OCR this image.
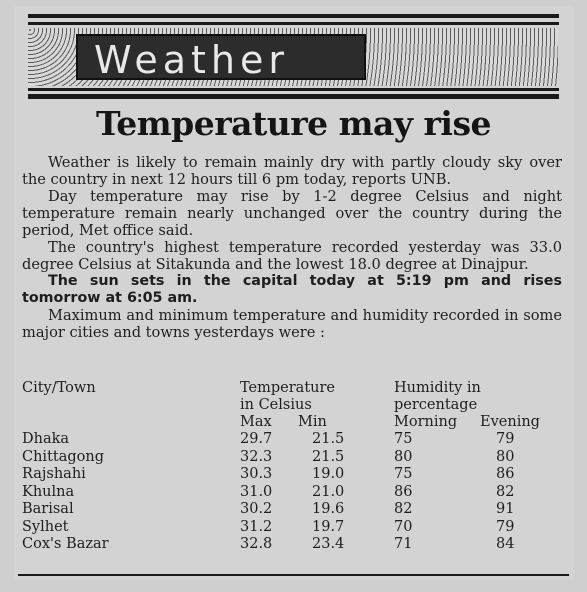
Weather
Temperature may rise

Weather is likely to remain mainly dry with partly cloudy sky over the country in next 12 hours till 6 pm today, reports UNB.

Day temperature may rise by 1-2 degree Celsius and night temperature remain nearly unchanged over the country during the period, Met office said.

The country's highest temperature recorded yesterday was 33.0 degree Celsius at Sitakunda and the lowest 18.0 degree at Dinajpur.

The sun sets in the capital today at 5:19 pm and rises tomorrow at 6:05 am.

Maximum and minimum temperature and humidity recorded in some major cities and towns yesterdays were :

City/Town	Temperature		Humidity in	
	in Celsius		percentage	
	Max	Min	Morning	Evening
Dhaka	29.7	21.5	75	79
Chittagong	32.3	21.5	80	80
Rajshahi	30.3	19.0	75	86
Khulna	31.0	21.0	86	82
Barisal	30.2	19.6	82	91
Sylhet	31.2	19.7	70	79
Cox's Bazar	32.8	23.4	71	84
